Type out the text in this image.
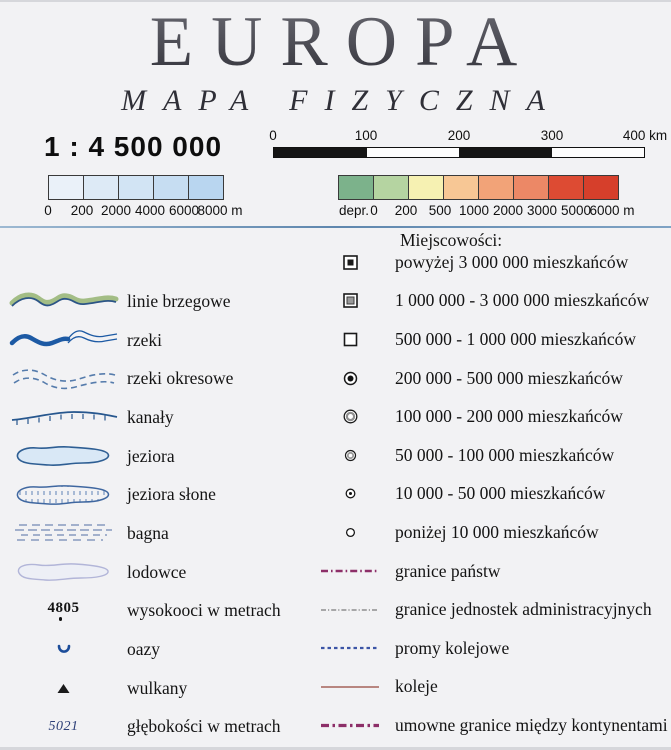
EUROPA
MAPA FIZYCZNA
1 : 4 500 000	0	100	200	300	400 km
0 200 2000 4000 6000
8000 m	depr. 0 200 500 1000 2000 3000 5000
6000 m
linie brzegowe
rzeki
rzeki okresowe
kanały
jeziora
jeziora słone
bagna
lodowce
4805	wysokooci w metrach
oazy
wulkany
5021	głębokości w metrach
Miejscowości:
powyżej 3 000 000 mieszkańców
1 000 000 - 3 000 000 mieszkańców
500 000 - 1 000 000 mieszkańców
200 000 - 500 000 mieszkańców
100 000 - 200 000 mieszkańców
50 000 - 100 000 mieszkańców
10 000 - 50 000 mieszkańców
poniżej 10 000 mieszkańców
granice państw
granice jednostek administracyjnych
promy kolejowe
koleje
umowne granice między kontynentami
